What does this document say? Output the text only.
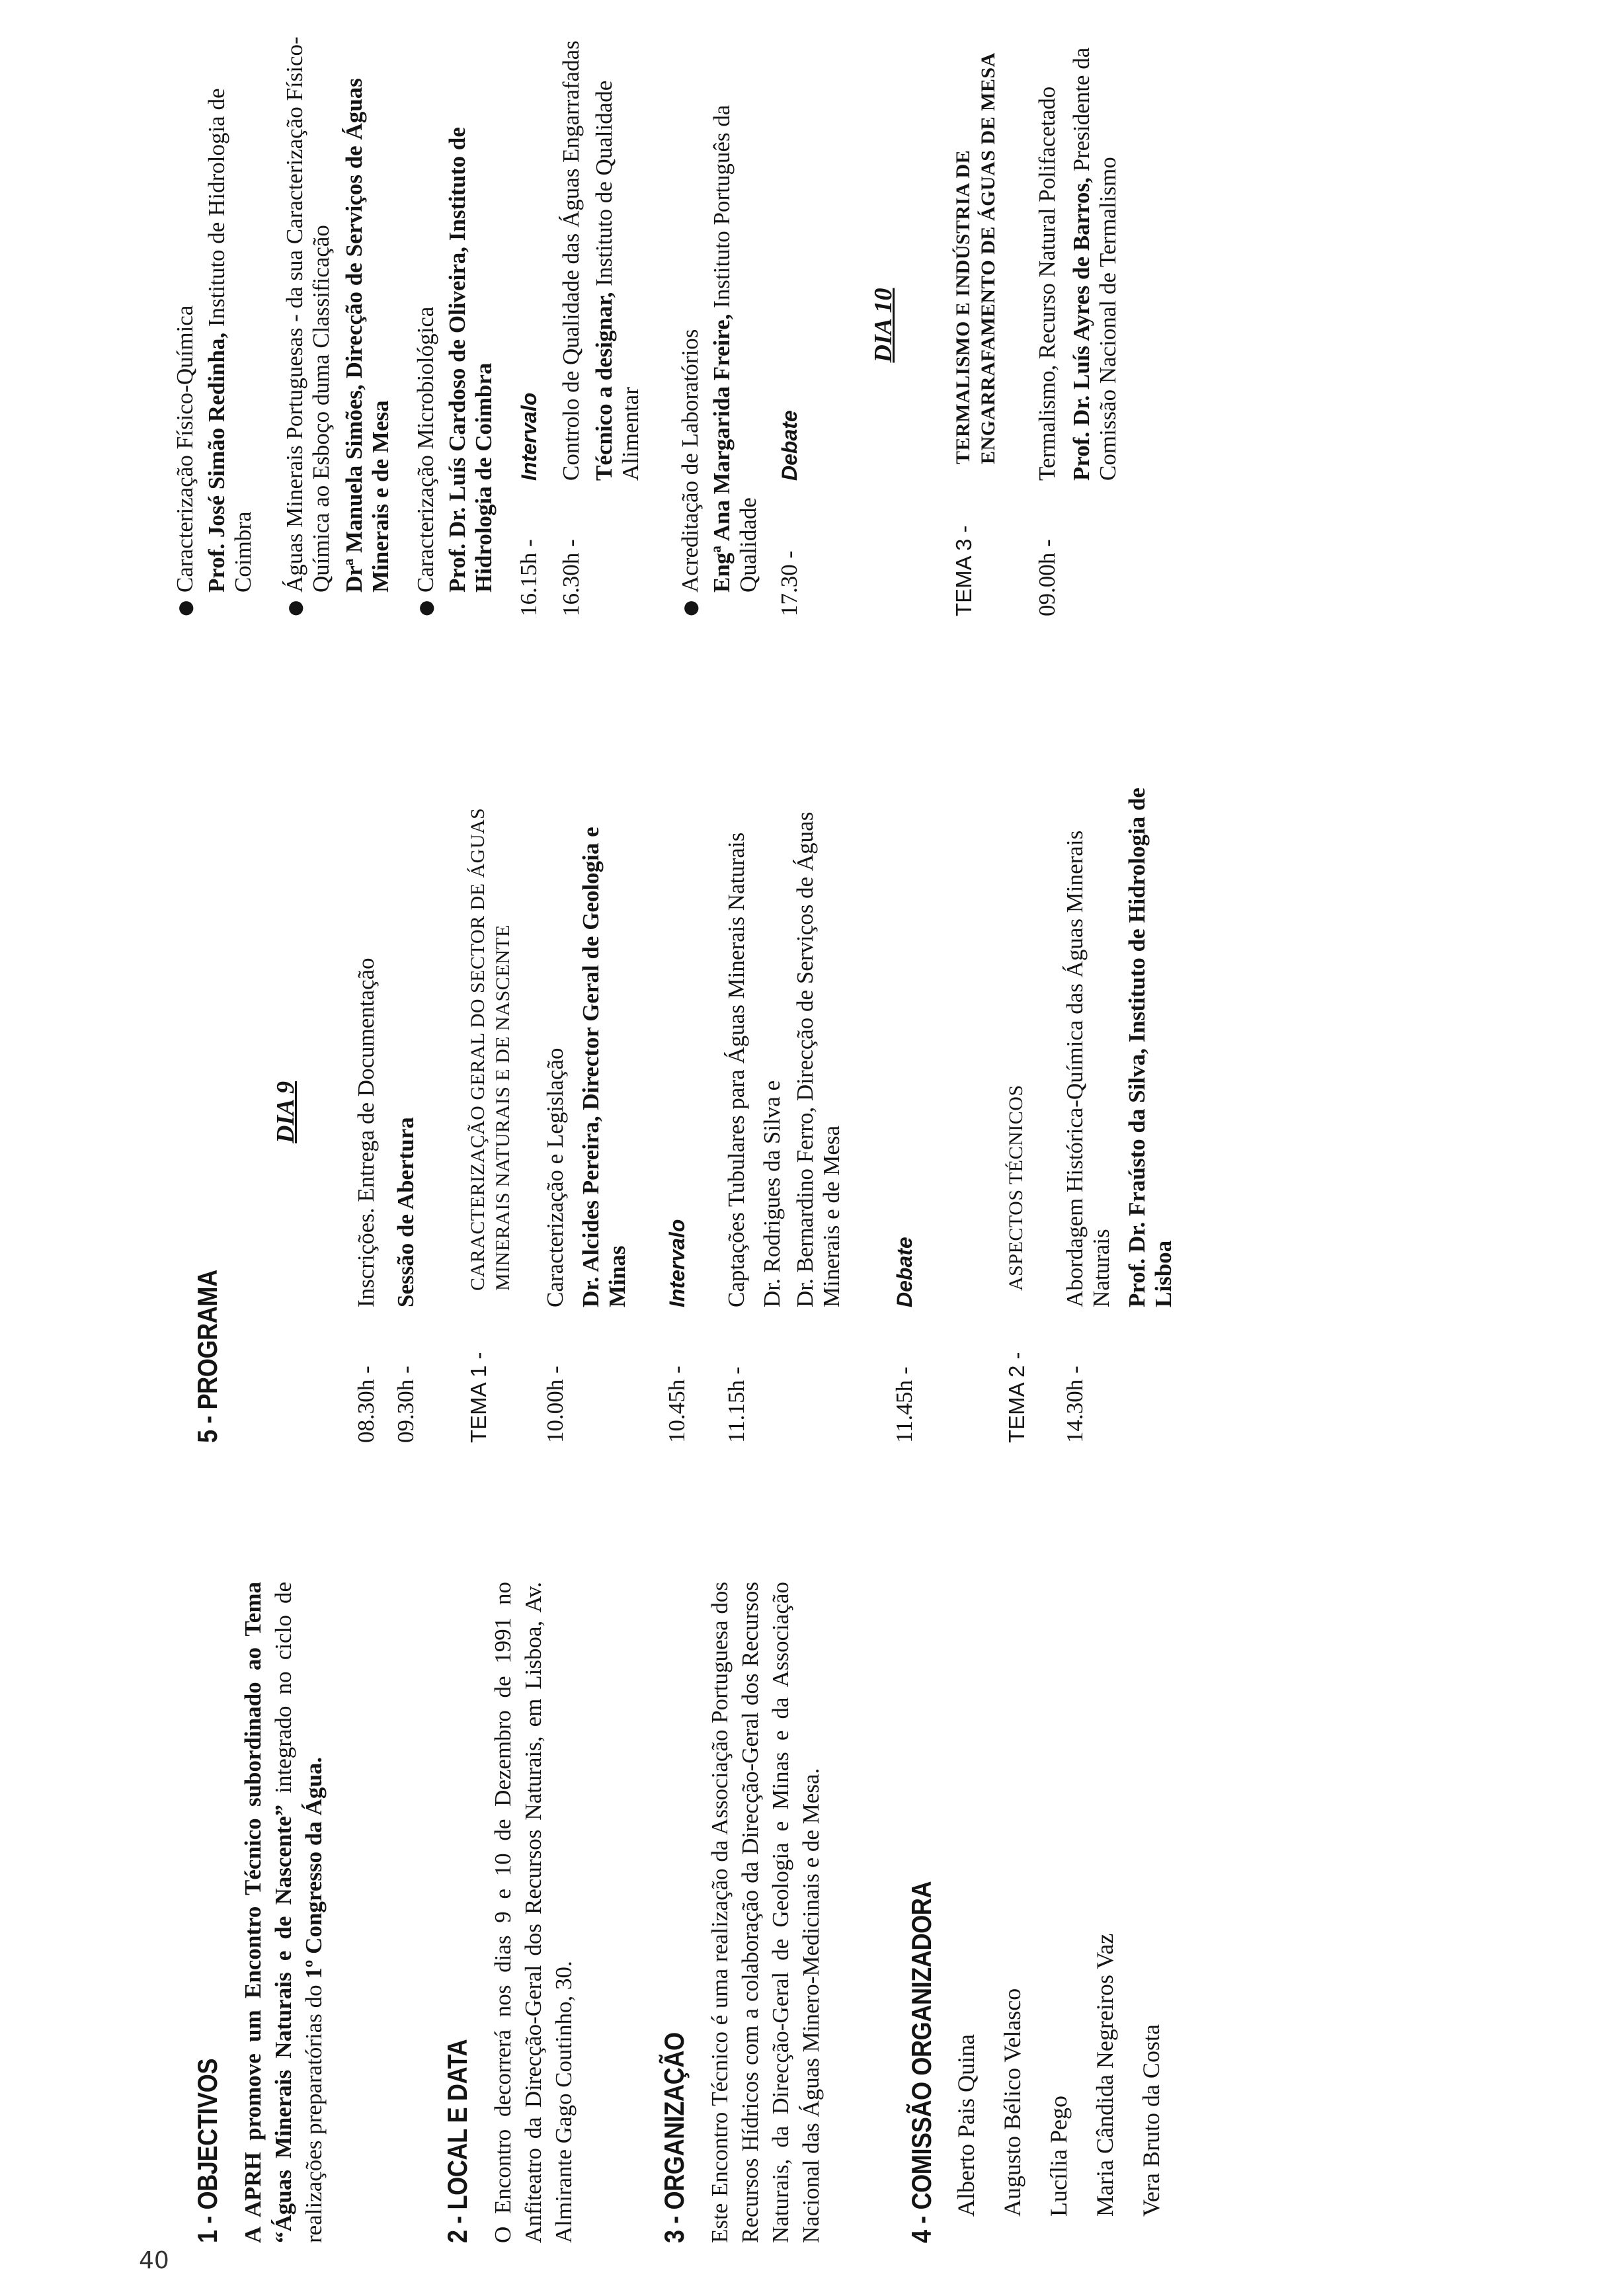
40
1 - OBJECTIVOS A APRH promove um Encontro Técnico subordinado ao Tema “Águas Minerais Naturais e de Nascente” integrado no ciclo de realizações preparatórias do 1º Congresso da Água.

2 - LOCAL E DATA O Encontro decorrerá nos dias 9 e 10 de Dezembro de 1991 no Anfiteatro da Direcção-Geral dos Recursos Naturais, em Lisboa, Av. Almirante Gago Coutinho, 30.	3 - ORGANIZAÇÃO Este Encontro Técnico é uma realização da Associação Portuguesa dos Recursos Hídricos com a colaboração da Direcção-Geral dos Recursos Naturais, da Direcção-Geral de Geologia e Minas e da Associação Nacional das Águas Minero-Medicinais e de Mesa.	4 - COMISSÃO ORGANIZADORA Alberto Pais Quina Augusto Bélico Velasco Lucília Pego Maria Cândida Negreiros Vaz Vera Bruto da Costa
5 - PROGRAMA

DIA 9

08.30h -
Inscrições. Entrega de Documentação
09.30h -
Sessão de Abertura
TEMA 1 -
CARACTERIZAÇÃO GERAL DO SECTOR DE ÁGUAS MINERAIS NATURAIS E DE NASCENTE
10.00h -
Caracterização e Legislação Dr. Alcides Pereira, Director Geral de Geologia e Minas
10.45h -
Intervalo
11.15h -
Captações Tubulares para Águas Minerais Naturais Dr. Rodrigues da Silva e Dr. Bernardino Ferro, Direcção de Serviços de Águas Minerais e de Mesa
11.45h -
Debate
TEMA 2 -
ASPECTOS TÉCNICOS
14.30h -
Abordagem Histórica-Química das Águas Minerais Naturais Prof. Dr. Fraústo da Silva, Instituto de Hidrologia de Lisboa
●
Caracterização Físico-Química Prof. José Simão Redinha, Instituto de Hidrologia de Coimbra
●
Águas Minerais Portuguesas - da sua Caracterização Físico-Química ao Esboço duma Classificação Drª Manuela Simões, Direcção de Serviços de Águas Minerais e de Mesa
●
Caracterização Microbiológica Prof. Dr. Luís Cardoso de Oliveira, Instituto de Hidrologia de Coimbra 16.15h -
Intervalo
16.30h -
Controlo de Qualidade das Águas Engarrafadas Técnico a designar, Instituto de Qualidade Alimentar
●
Acreditação de Laboratórios Engª Ana Margarida Freire, Instituto Português da Qualidade 17.30 -
Debate

DIA 10

TEMA 3 -
TERMALISMO E INDÚSTRIA DE ENGARRAFAMENTO DE ÁGUAS DE MESA
09.00h -
Termalismo, Recurso Natural Polifacetado Prof. Dr. Luís Ayres de Barros, Presidente da Comissão Nacional de Termalismo
